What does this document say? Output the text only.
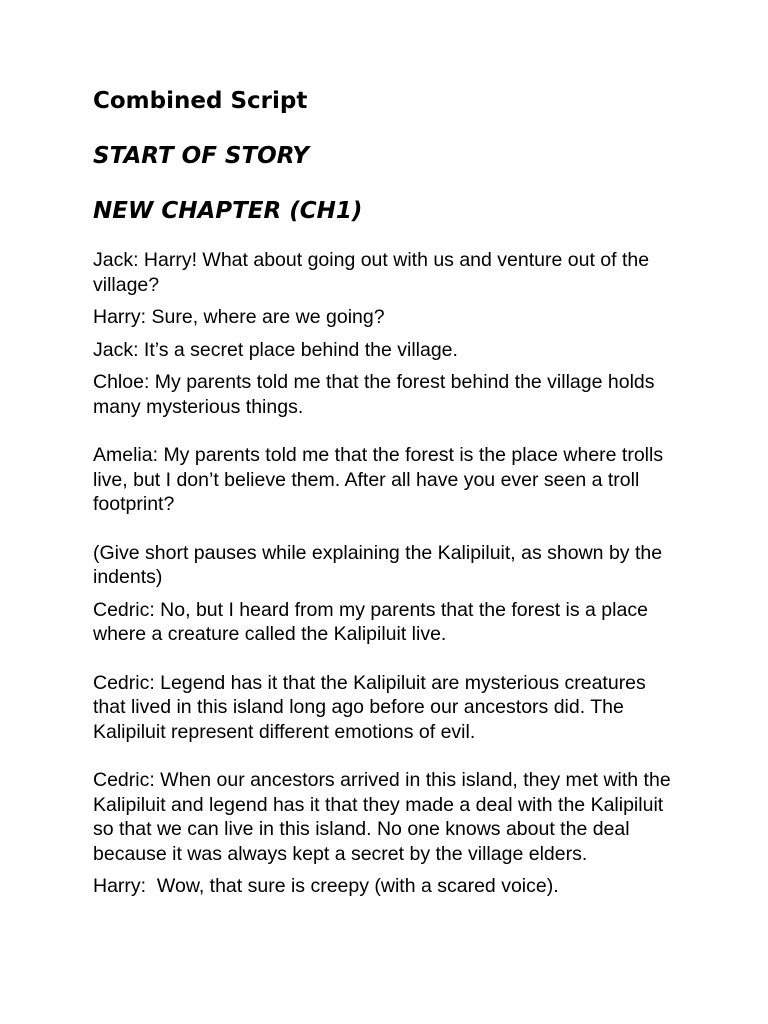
Combined Script
START OF STORY
NEW CHAPTER (CH1)

Jack: Harry! What about going out with us and venture out of the village?

Harry: Sure, where are we going?

Jack: It’s a secret place behind the village.

Chloe: My parents told me that the forest behind the village holds many mysterious things.

Amelia: My parents told me that the forest is the place where trolls live, but I don’t believe them. After all have you ever seen a troll footprint?

(Give short pauses while explaining the Kalipiluit, as shown by the indents)

Cedric: No, but I heard from my parents that the forest is a place where a creature called the Kalipiluit live.

Cedric: Legend has it that the Kalipiluit are mysterious creatures that lived in this island long ago before our ancestors did. The Kalipiluit represent different emotions of evil.

Cedric: When our ancestors arrived in this island, they met with the Kalipiluit and legend has it that they made a deal with the Kalipiluit so that we can live in this island. No one knows about the deal because it was always kept a secret by the village elders.

Harry:  Wow, that sure is creepy (with a scared voice).
